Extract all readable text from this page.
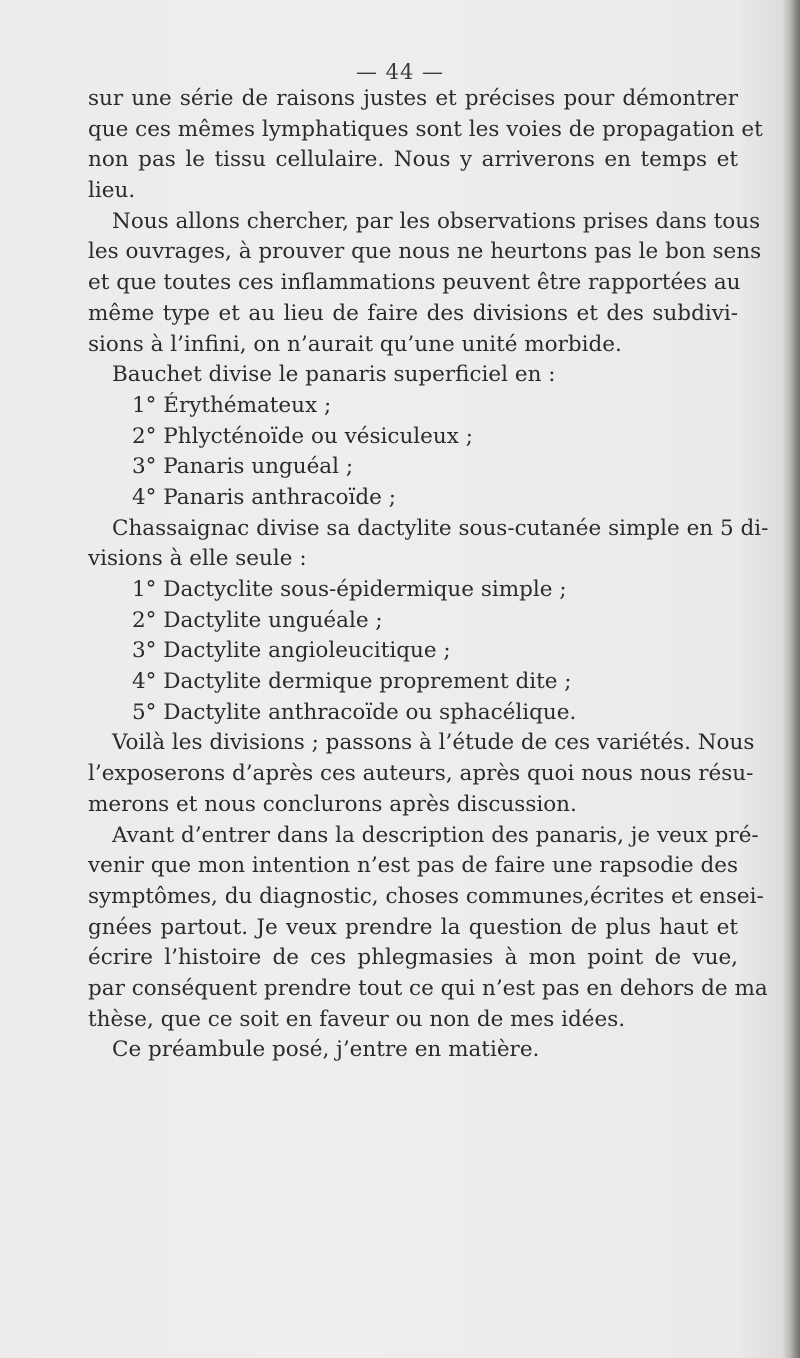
— 44 —
sur une série de raisons justes et précises pour démontrer
que ces mêmes lymphatiques sont les voies de propagation et
non pas le tissu cellulaire. Nous y arriverons en temps et
lieu.
Nous allons chercher, par les observations prises dans tous
les ouvrages, à prouver que nous ne heurtons pas le bon sens
et que toutes ces inflammations peuvent être rapportées au
même type et au lieu de faire des divisions et des subdivi-
sions à l’infini, on n’aurait qu’une unité morbide.
Bauchet divise le panaris superficiel en :
1° Érythémateux ;
2° Phlycténoïde ou vésiculeux ;
3° Panaris unguéal ;
4° Panaris anthracoïde ;
Chassaignac divise sa dactylite sous-cutanée simple en 5 di-
visions à elle seule :
1° Dactyclite sous-épidermique simple ;
2° Dactylite unguéale ;
3° Dactylite angioleucitique ;
4° Dactylite dermique proprement dite ;
5° Dactylite anthracoïde ou sphacélique.
Voilà les divisions ; passons à l’étude de ces variétés. Nous
l’exposerons d’après ces auteurs, après quoi nous nous résu-
merons et nous conclurons après discussion.
Avant d’entrer dans la description des panaris, je veux pré-
venir que mon intention n’est pas de faire une rapsodie des
symptômes, du diagnostic, choses communes,écrites et ensei-
gnées partout. Je veux prendre la question de plus haut et
écrire l’histoire de ces phlegmasies à mon point de vue,
par conséquent prendre tout ce qui n’est pas en dehors de ma
thèse, que ce soit en faveur ou non de mes idées.
Ce préambule posé, j’entre en matière.
